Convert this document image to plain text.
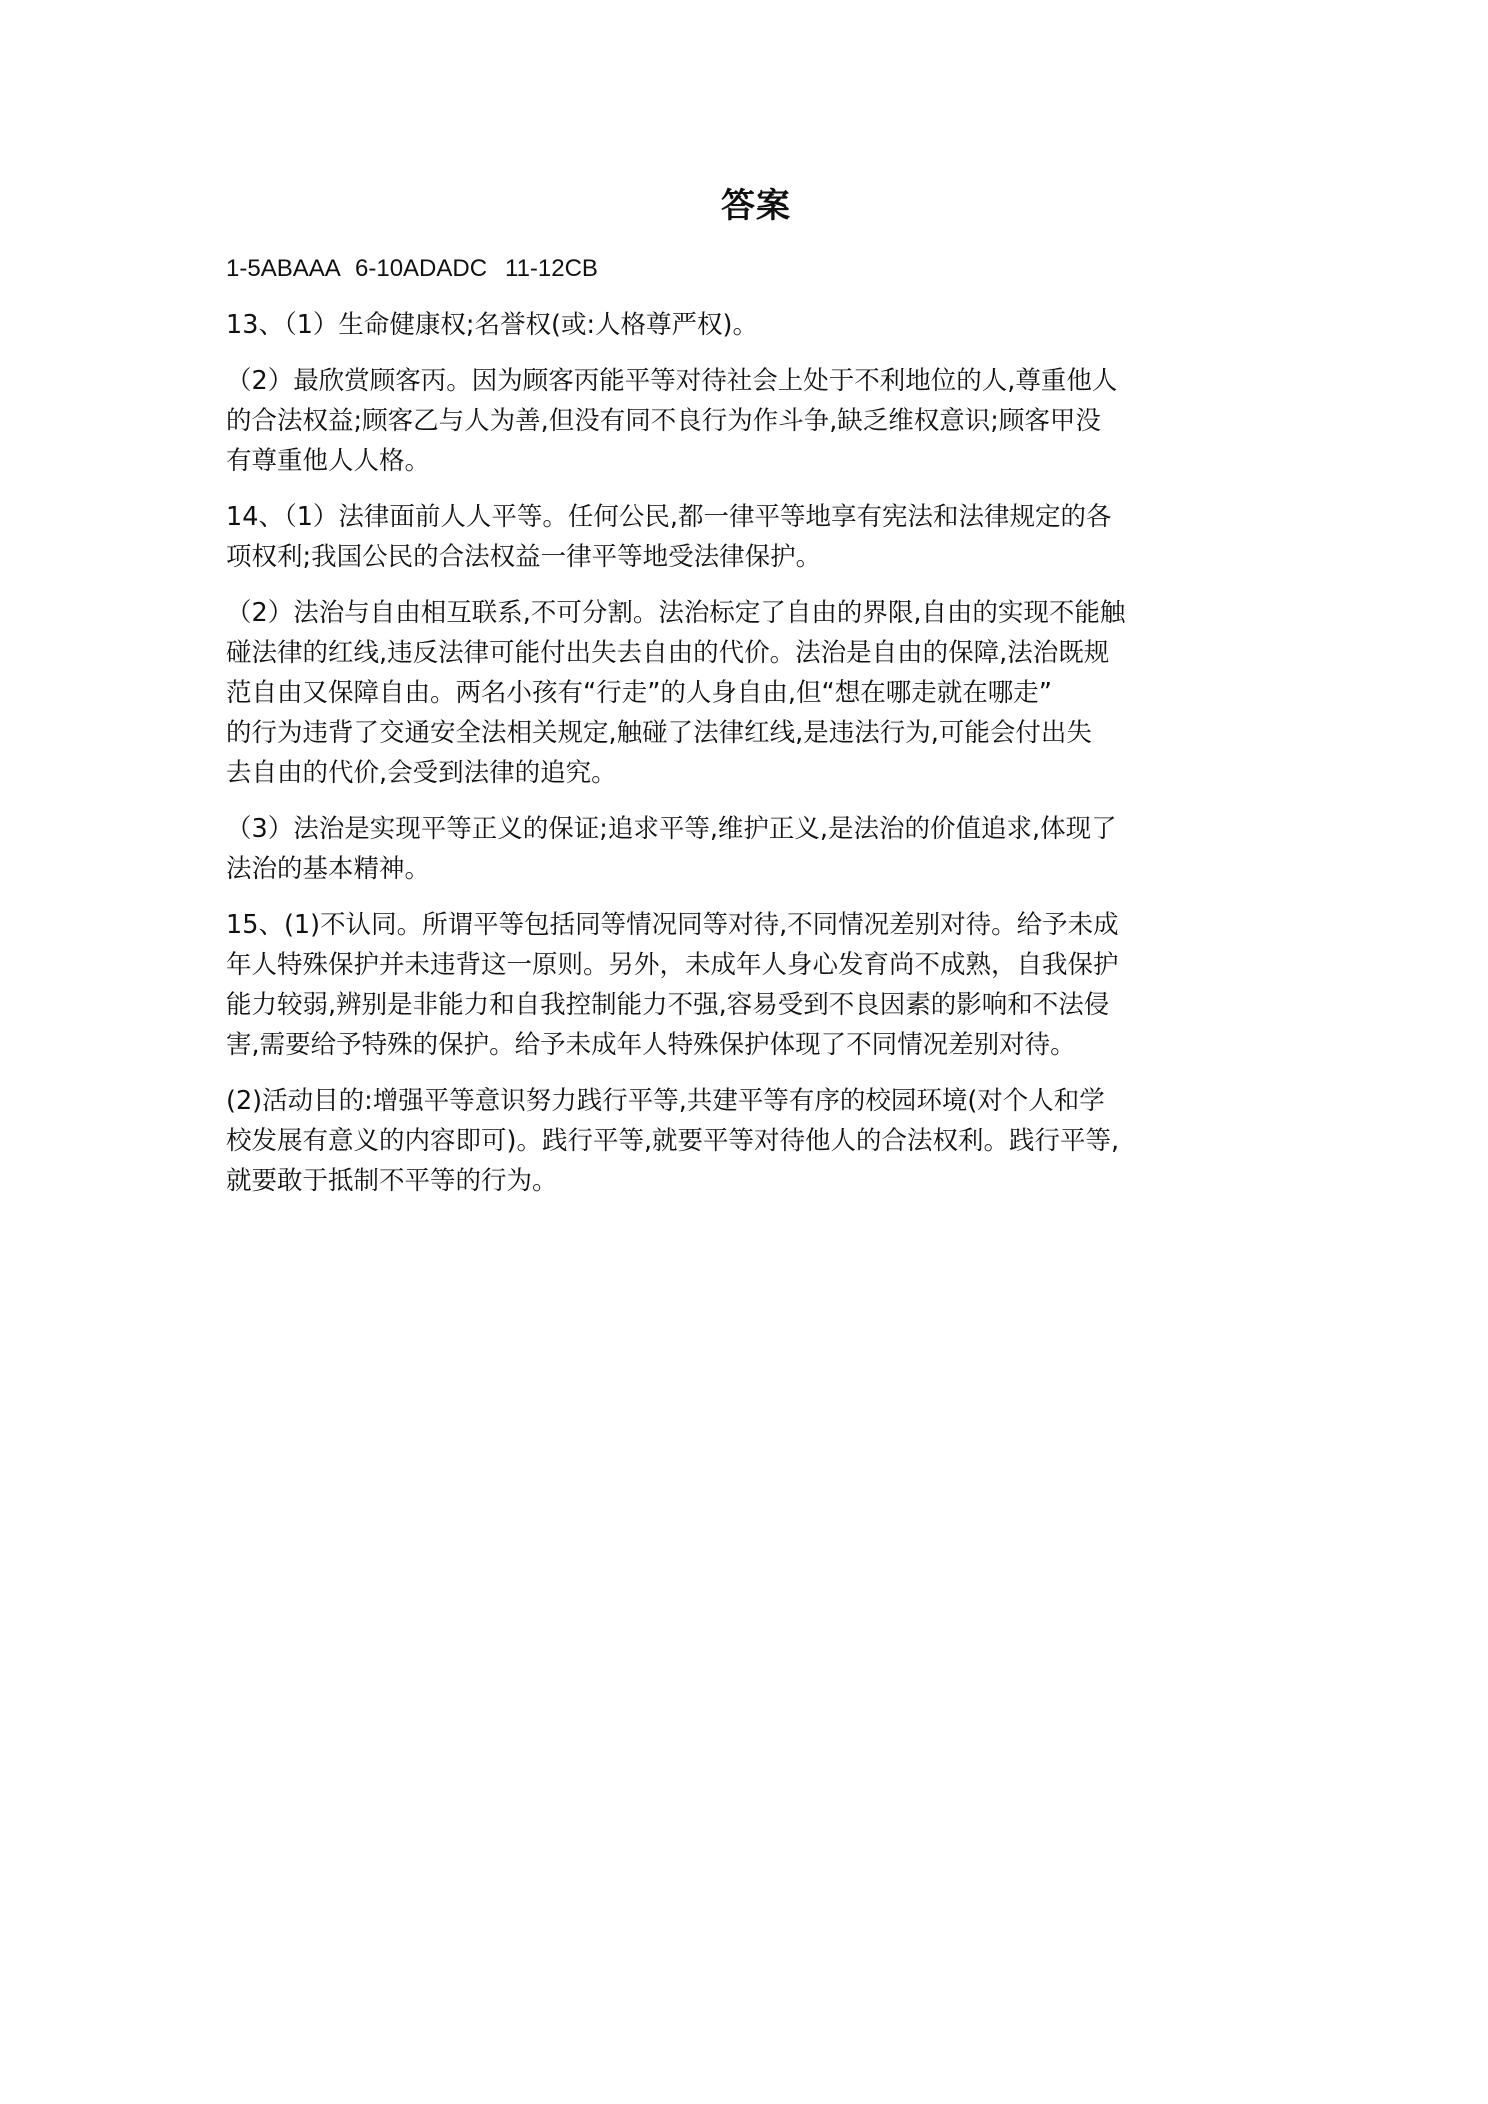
答案

1-5ABAAA 6-10ADADC 11-12CB

13、（1）生命健康权;名誉权(或:人格尊严权)。

（2）最欣赏顾客丙。因为顾客丙能平等对待社会上处于不利地位的人,尊重他人

的合法权益;顾客乙与人为善,但没有同不良行为作斗争,缺乏维权意识;顾客甲没

有尊重他人人格。

14、（1）法律面前人人平等。任何公民,都一律平等地享有宪法和法律规定的各

项权利;我国公民的合法权益一律平等地受法律保护。

（2）法治与自由相互联系,不可分割。法治标定了自由的界限,自由的实现不能触

碰法律的红线,违反法律可能付出失去自由的代价。法治是自由的保障,法治既规

范自由又保障自由。两名小孩有“行走”的人身自由,但“想在哪走就在哪走”

的行为违背了交通安全法相关规定,触碰了法律红线,是违法行为,可能会付出失

去自由的代价,会受到法律的追究。

（3）法治是实现平等正义的保证;追求平等,维护正义,是法治的价值追求,体现了

法治的基本精神。

15、(1)不认同。所谓平等包括同等情况同等对待,不同情况差别对待。给予未成

年人特殊保护并未违背这一原则。另外，未成年人身心发育尚不成熟，自我保护

能力较弱,辨别是非能力和自我控制能力不强,容易受到不良因素的影响和不法侵

害,需要给予特殊的保护。给予未成年人特殊保护体现了不同情况差别对待。

(2)活动目的:增强平等意识努力践行平等,共建平等有序的校园环境(对个人和学

校发展有意义的内容即可)。践行平等,就要平等对待他人的合法权利。践行平等,

就要敢于抵制不平等的行为。
